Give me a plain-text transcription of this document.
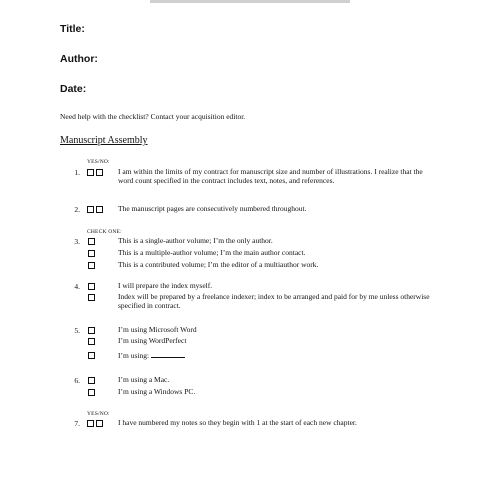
Title:
Author:
Date:
Need help with the checklist? Contact your acquisition editor.
Manuscript Assembly
YES/NO:
1.	I am within the limits of my contract for manuscript size and number of illustrations. I realize that the word count specified in the contract includes text, notes, and references.
2.	The manuscript pages are consecutively numbered throughout.
CHECK ONE:
3.	This is a single-author volume; I’m the only author.
This is a multiple-author volume; I’m the main author contact.
This is a contributed volume; I’m the editor of a multiauthor work.
4.	I will prepare the index myself.
Index will be prepared by a freelance indexer; index to be arranged and paid for by me unless otherwise specified in contract.
5.	I’m using Microsoft Word
I’m using WordPerfect
I’m using:
6.	I’m using a Mac.
I’m using a Windows PC.
YES/NO:
7.	I have numbered my notes so they begin with 1 at the start of each new chapter.
